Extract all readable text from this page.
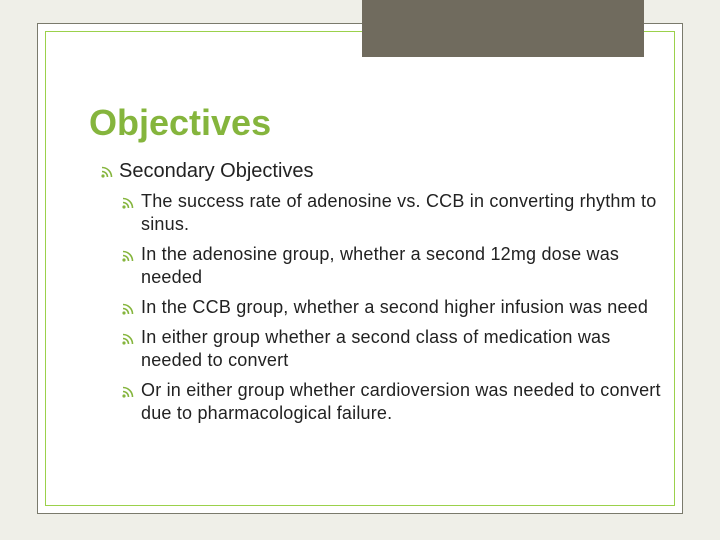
Objectives
Secondary Objectives
The success rate of adenosine vs. CCB in converting rhythm to sinus.
In the adenosine group, whether a second 12mg dose was needed
In the CCB group, whether a second higher infusion was need
In either group whether a second class of medication was needed to convert
Or in either group whether cardioversion was needed to convert due to pharmacological failure.
